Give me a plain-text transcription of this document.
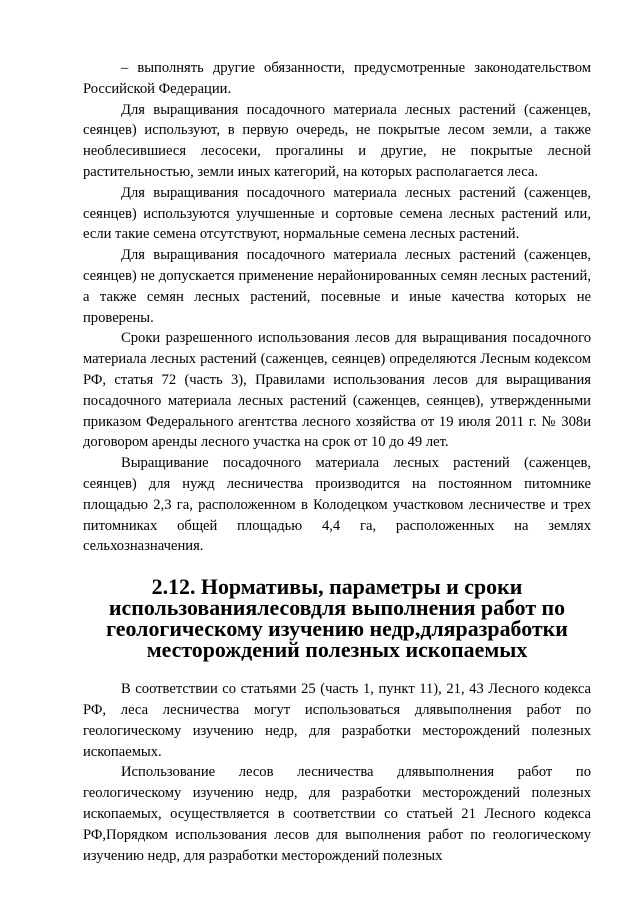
– выполнять другие обязанности, предусмотренные законодательством Российской Федерации.

Для выращивания посадочного материала лесных растений (саженцев, сеянцев) используют, в первую очередь, не покрытые лесом земли, а также необлесившиеся лесосеки, прогалины и другие, не покрытые лесной растительностью, земли иных категорий, на которых располагается леса.

Для выращивания посадочного материала лесных растений (саженцев, сеянцев) используются улучшенные и сортовые семена лесных растений или, если такие семена отсутствуют, нормальные семена лесных растений.

Для выращивания посадочного материала лесных растений (саженцев, сеянцев) не допускается применение нерайонированных семян лесных растений, а также семян лесных растений, посевные и иные качества которых не проверены.

Сроки разрешенного использования лесов для выращивания посадочного материала лесных растений (саженцев, сеянцев) определяются Лесным кодексом РФ, статья 72 (часть 3), Правилами использования лесов для выращивания посадочного материала лесных растений (саженцев, сеянцев), утвержденными приказом Федерального агентства лесного хозяйства от 19 июля 2011 г. № 308и договором аренды лесного участка на срок от 10 до 49 лет.

Выращивание посадочного материала лесных растений (саженцев, сеянцев) для нужд лесничества производится на постоянном питомнике площадью 2,3 га, расположенном в Колодецком участковом лесничестве и трех питомниках общей площадью 4,4 га, расположенных на землях сельхозназначения.

2.12. Нормативы, параметры и сроки использованиялесовдля выполнения работ по геологическому изучению недр,дляразработки месторождений полезных ископаемых

В соответствии со статьями 25 (часть 1, пункт 11), 21, 43 Лесного кодекса РФ, леса лесничества могут использоваться длявыполнения работ по геологическому изучению недр, для разработки месторождений полезных ископаемых.

Использование лесов лесничества длявыполнения работ по геологическому изучению недр, для разработки месторождений полезных ископаемых, осуществляется в соответствии со статьей 21 Лесного кодекса РФ,Порядком использования лесов для выполнения работ по геологическому изучению недр, для разработки месторождений полезных
